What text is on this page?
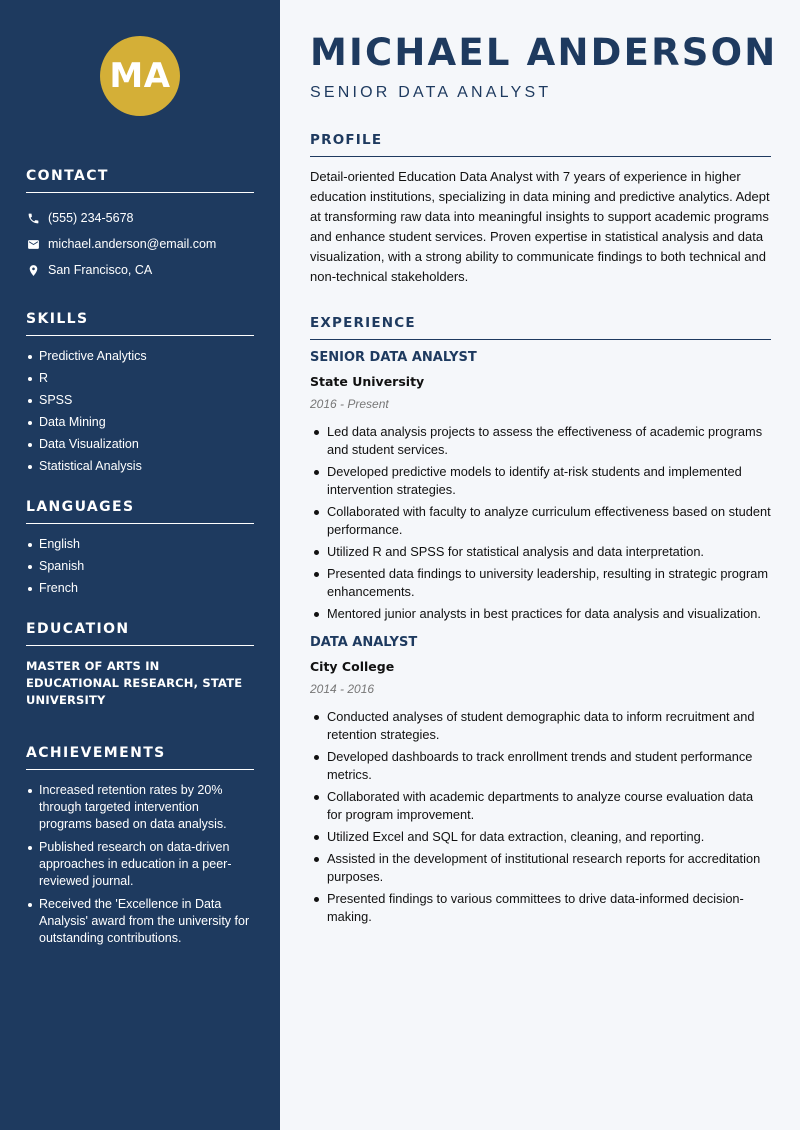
MA
CONTACT
(555) 234-5678
michael.anderson@email.com
San Francisco, CA
SKILLS
Predictive Analytics
R
SPSS
Data Mining
Data Visualization
Statistical Analysis
LANGUAGES
English
Spanish
French
EDUCATION
MASTER OF ARTS IN EDUCATIONAL RESEARCH, STATE UNIVERSITY
ACHIEVEMENTS
Increased retention rates by 20% through targeted intervention programs based on data analysis.
Published research on data-driven approaches in education in a peer-reviewed journal.
Received the 'Excellence in Data Analysis' award from the university for outstanding contributions.
MICHAEL ANDERSON
SENIOR DATA ANALYST
PROFILE

Detail-oriented Education Data Analyst with 7 years of experience in higher education institutions, specializing in data mining and predictive analytics. Adept at transforming raw data into meaningful insights to support academic programs and enhance student services. Proven expertise in statistical analysis and data visualization, with a strong ability to communicate findings to both technical and non-technical stakeholders.

EXPERIENCE
SENIOR DATA ANALYST
State University
2016 - Present
Led data analysis projects to assess the effectiveness of academic programs and student services.
Developed predictive models to identify at-risk students and implemented intervention strategies.
Collaborated with faculty to analyze curriculum effectiveness based on student performance.
Utilized R and SPSS for statistical analysis and data interpretation.
Presented data findings to university leadership, resulting in strategic program enhancements.
Mentored junior analysts in best practices for data analysis and visualization.
DATA ANALYST
City College
2014 - 2016
Conducted analyses of student demographic data to inform recruitment and retention strategies.
Developed dashboards to track enrollment trends and student performance metrics.
Collaborated with academic departments to analyze course evaluation data for program improvement.
Utilized Excel and SQL for data extraction, cleaning, and reporting.
Assisted in the development of institutional research reports for accreditation purposes.
Presented findings to various committees to drive data-informed decision-making.
